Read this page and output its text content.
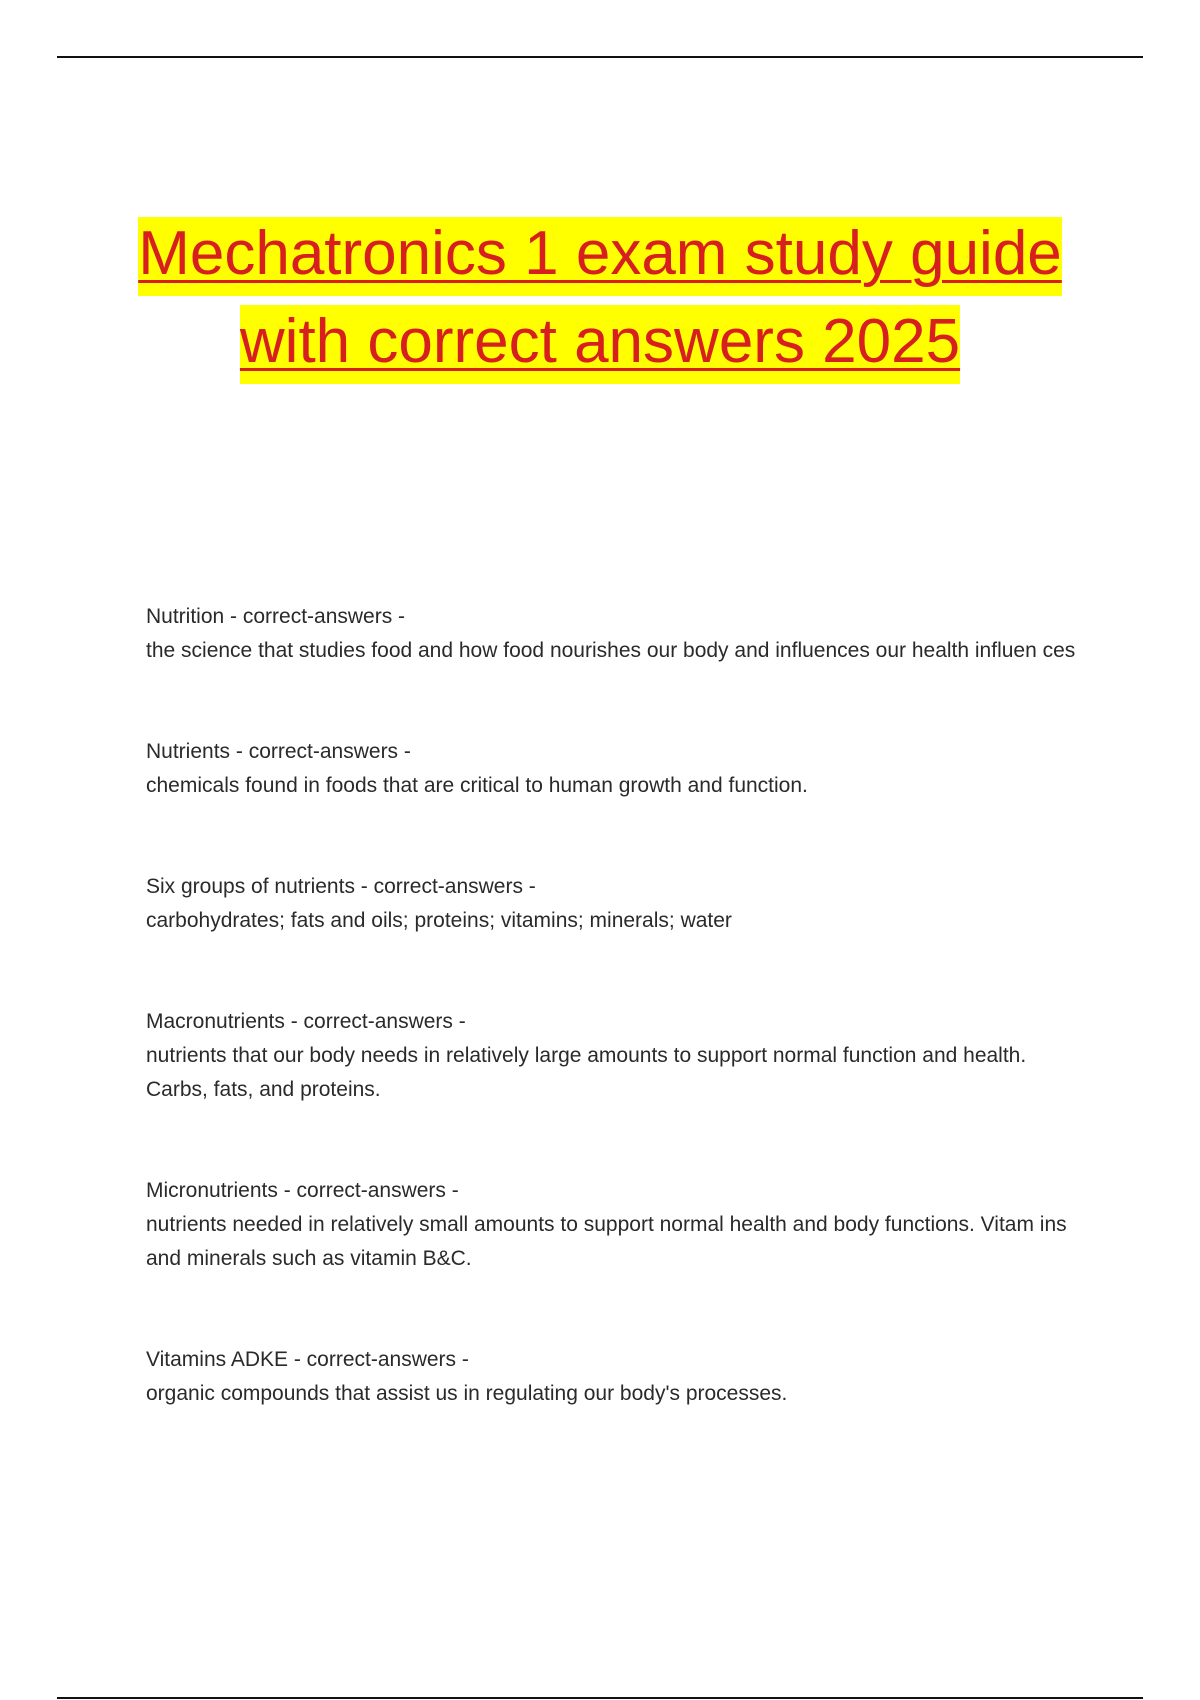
Mechatronics 1 exam study guide
with correct answers 2025
Nutrition - correct-answers -
the science that studies food and how food nourishes our body and influences our health influen ces
Nutrients - correct-answers -
chemicals found in foods that are critical to human growth and function.
Six groups of nutrients - correct-answers -
carbohydrates; fats and oils; proteins; vitamins; minerals; water
Macronutrients - correct-answers -
nutrients that our body needs in relatively large amounts to support normal function and health. Carbs, fats, and proteins.
Micronutrients - correct-answers -
nutrients needed in relatively small amounts to support normal health and body functions. Vitam ins and minerals such as vitamin B&C.
Vitamins ADKE - correct-answers -
organic compounds that assist us in regulating our body's processes.
